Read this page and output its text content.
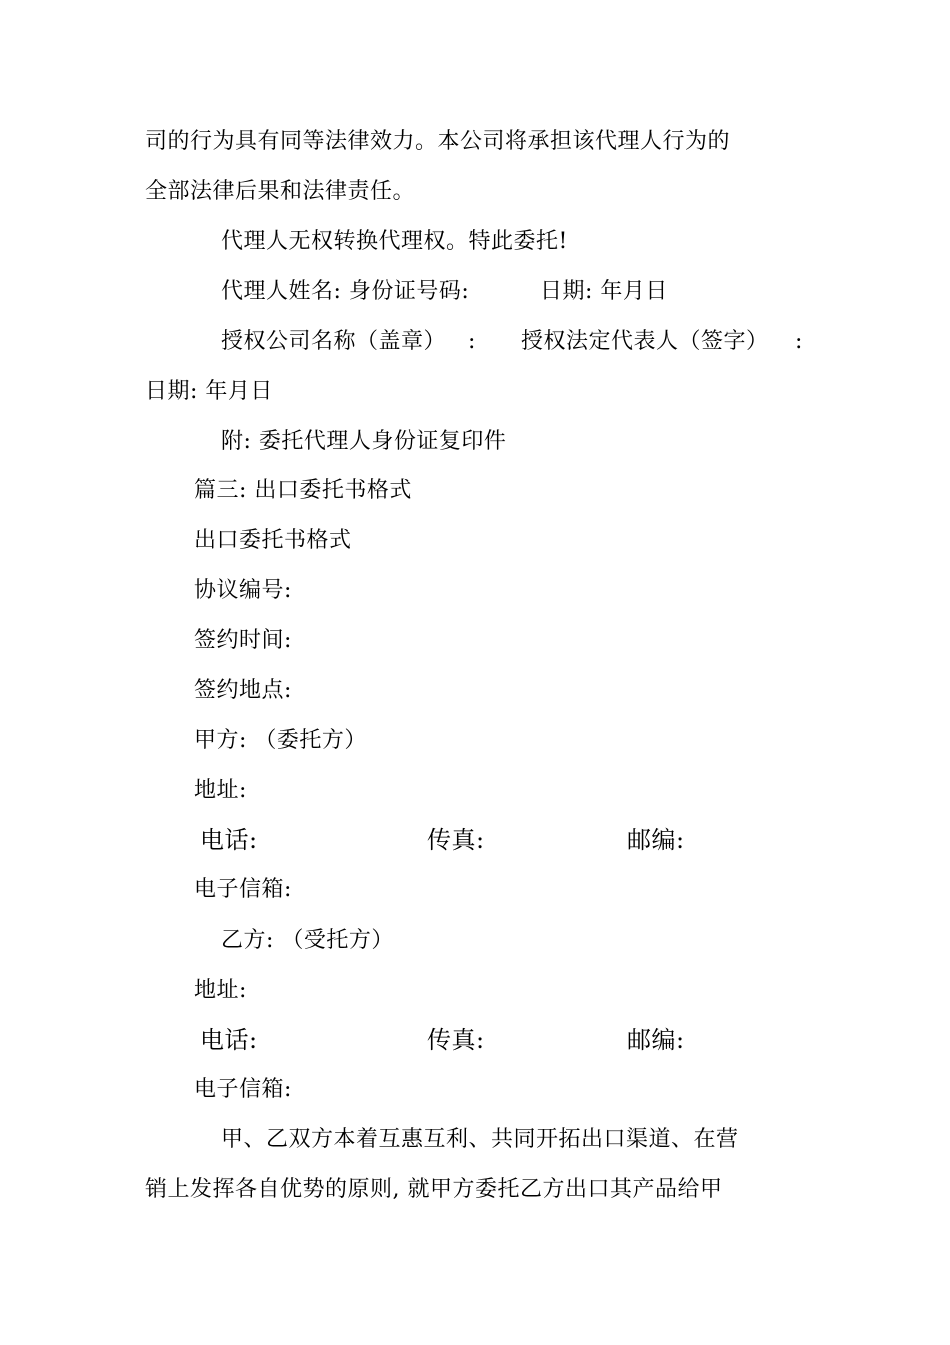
司的行为具有同等法律效力。本公司将承担该代理人行为的
全部法律后果和法律责任。
代理人无权转换代理权。特此委托!
代理人姓名: 身份证号码:	日期: 年月日
授权公司名称（盖章） : 授权法定代表人（签字） :
日期: 年月日
附: 委托代理人身份证复印件
篇三: 出口委托书格式
出口委托书格式
协议编号:
签约时间:
签约地点:
甲方: （委托方）
地址:
电话:	传真:	邮编:
电子信箱:
乙方: （受托方）
地址:
电话:	传真:	邮编:
电子信箱:
甲、乙双方本着互惠互利、共同开拓出口渠道、在营
销上发挥各自优势的原则, 就甲方委托乙方出口其产品给甲
